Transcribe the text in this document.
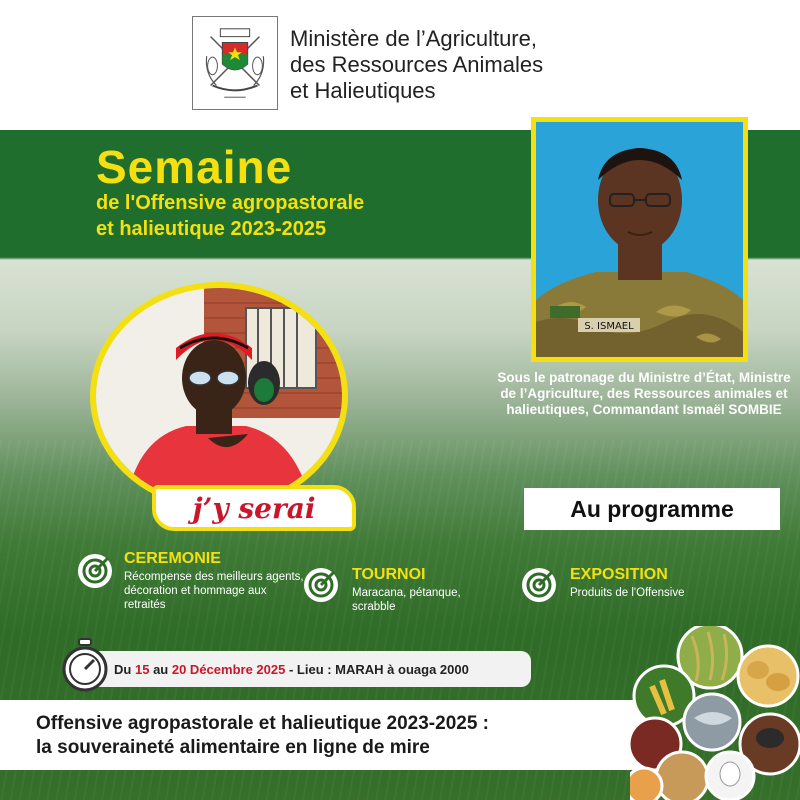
Ministère de l’Agriculture,
des Ressources Animales
et Halieutiques
Semaine
de l'Offensive agropastorale
et halieutique 2023-2025
S. ISMAEL
Sous le patronage du Ministre d’État, Ministre de l’Agriculture, des Ressources animales et halieutiques, Commandant Ismaël SOMBIE
j’y serai	Au programme
CEREMONIE
Récompense des meilleurs agents, décoration et hommage aux retraités
TOURNOI
Maracana, pétanque, scrabble
EXPOSITION
Produits de l'Offensive
Du
15
au
20 Décembre 2025
- Lieu : MARAH à ouaga 2000
Offensive agropastorale et halieutique 2023-2025 :
la souveraineté alimentaire en ligne de mire
